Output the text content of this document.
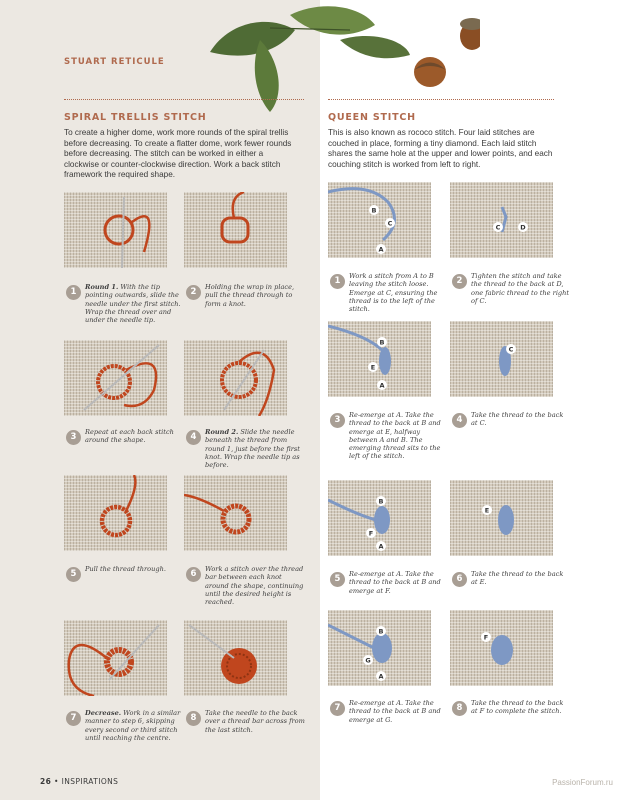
STUART RETICULE
SPIRAL TRELLIS STITCH
To create a higher dome, work more rounds of the spiral trellis before decreasing. To create a flatter dome, work fewer rounds before decreasing. The stitch can be worked in either a clockwise or counter-clockwise direction. Work a back stitch framework the required shape.
1	Round 1. With the tip pointing outwards, slide the needle under the first stitch. Wrap the thread over and under the needle tip.
2	Holding the wrap in place, pull the thread through to form a knot.
3	Repeat at each back stitch around the shape.	4	Round 2. Slide the needle beneath the thread from round 1, just before the first knot. Wrap the needle tip as before.
5	Pull the thread through.	6	Work a stitch over the thread bar between each knot around the shape, continuing until the desired height is reached.
7	Decrease. Work in a similar manner to step 6, skipping every second or third stitch until reaching the centre.
8	Take the needle to the back over a thread bar across from the last stitch.
QUEEN STITCH
This is also known as rococo stitch. Four laid stitches are couched in place, forming a tiny diamond. Each laid stitch shares the same hole at the upper and lower points, and each couching stitch is worked from left to right.
B
C
A
C	D
B
E
A
C
B
F
A
E
B
G
A
F
1	Work a stitch from A to B leaving the stitch loose. Emerge at C, ensuring the thread is to the left of the stitch.
2	Tighten the stitch and take the thread to the back at D, one fabric thread to the right of C.
3	Re-emerge at A. Take the thread to the back at B and emerge at E, halfway between A and B. The emerging thread sits to the left of the stitch.
4	Take the thread to the back at C.
5	Re-emerge at A. Take the thread to the back at B and emerge at F.
6	Take the thread to the back at E.
7	Re-emerge at A. Take the thread to the back at B and emerge at G.
8	Take the thread to the back at F to complete the stitch.
26 • INSPIRATIONS	PassionForum.ru
